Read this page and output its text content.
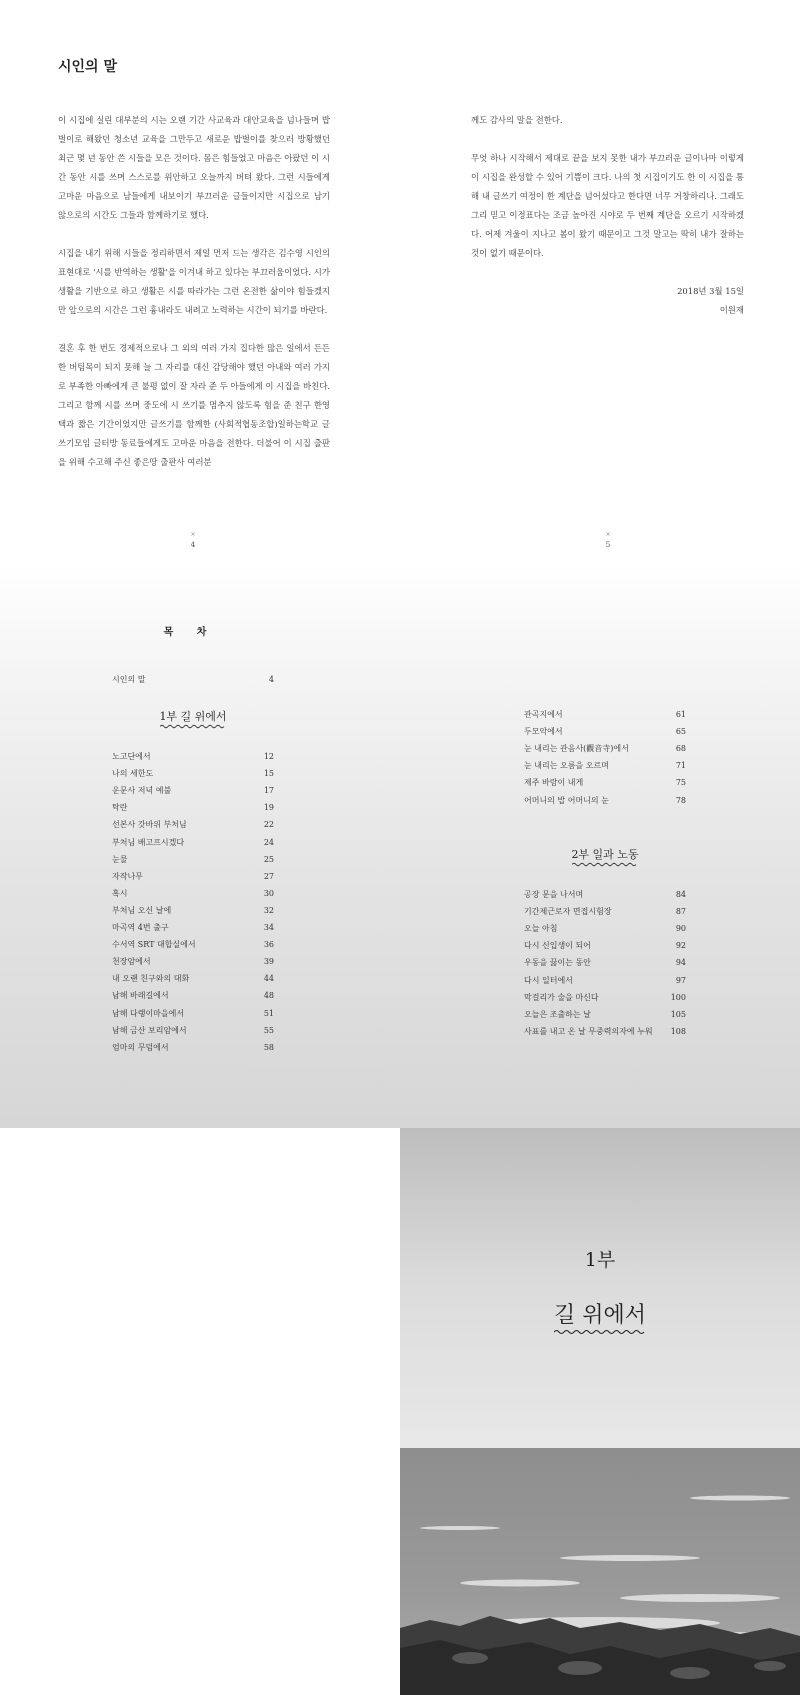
시인의 말

이 시집에 실린 대부분의 시는 오랜 기간 사교육과 대안교육을 넘나들며 밥벌이로 해왔던 청소년 교육을 그만두고 새로운 밥벌이를 찾으러 방황했던 최근 몇 년 동안 쓴 시들을 모은 것이다. 몸은 힘들었고 마음은 아팠던 이 시간 동안 시를 쓰며 스스로를 위안하고 오늘까지 버텨 왔다. 그런 시들에게 고마운 마음으로 남들에게 내보이기 부끄러운 글들이지만 시집으로 남기 않으로의 시간도 그들과 함께하기로 했다.

시집을 내기 위해 시들을 정리하면서 제일 먼저 드는 생각은 김수영 시인의 표현대로 '시를 반역하는 생활'을 이겨내 하고 있다는 부끄러움이었다. 시가 생활을 기반으로 하고 생활은 시를 따라가는 그런 온전한 삶이야 힘들겠지만 앞으로의 시간은 그런 흉내라도 내려고 노력하는 시간이 되기를 바란다.

결혼 후 한 번도 경제적으로나 그 외의 여러 가지 집다한 많은 일에서 든든한 버팀목이 되지 못해 늘 그 자리를 대신 감당해야 했던 아내와 여러 가지로 부족한 아빠에게 큰 불평 없이 잘 자라 준 두 아들에게 이 시집을 바친다. 그리고 함께 시를 쓰며 중도에 시 쓰기를 멈추지 않도록 힘을 준 친구 한영택과 짧은 기간이었지만 글쓰기를 함께한 (사회적협동조합)일하는학교 글쓰기모임 글터방 동료들에게도 고마운 마음을 전한다. 더불어 이 시집 출판을 위해 수고해 주신 좋은땅 출판사 여러분

께도 감사의 말을 전한다.

무엇 하나 시작해서 제대로 끝을 보지 못한 내가 부끄러운 글이나마 이렇게 이 시집을 완성할 수 있어 기쁨이 크다. 나의 첫 시집이기도 한 이 시집을 통해 내 글쓰기 여정이 한 계단을 넘어섰다고 한다면 너무 거창하리나. 그래도 그리 믿고 이정표다는 조금 높아진 시야로 두 번째 계단을 오르기 시작하겠다. 어제 겨울이 지나고 봄이 왔기 때문이고 그것 말고는 딱히 내가 잘하는 것이 없기 때문이다.

2018년 3월 15일
이원재
×
4
×
5
목 차
시인의 말	4
1부 길 위에서
노고단에서	12
나의 세한도	15
운문사 저녁 예불	17
탁란	19
선본사 갓바위 부처님	22
부처님 배고프시겠다	24
눈물	25
자작나무	27
혹시	30
부처님 오신 날에	32
마곡역 4번 출구	34
수서역 SRT 대합실에서	36
천장암에서	39
내 오랜 친구와의 대화	44
남해 바래길에서	48
남해 다랭이마을에서	51
남해 금산 보리암에서	55
엄마의 무덤에서	58
관곡지에서	61
두모악에서	65
눈 내리는 관음사(觀音寺)에서	68
눈 내리는 오름을 오르며	71
제주 바람이 내게	75
어머니의 밥 어머니의 눈	78
2부 일과 노동
공장 문을 나서며	84
기간제근로자 면접시험장	87
오늘 아침	90
다시 신입생이 되어	92
우동을 끓이는 동안	94
다시 일터에서	97
막걸리가 술을 마신다	100
오늘은 조출하는 날	105
사표를 내고 온 날 무중력의자에 누워 108
1부
길 위에서
